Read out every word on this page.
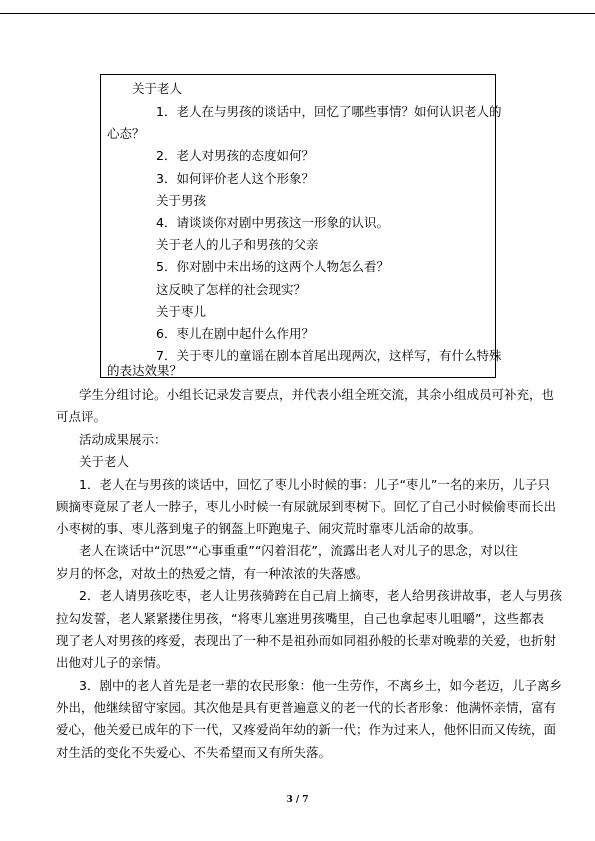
关于老人
1．老人在与男孩的谈话中，回忆了哪些事情？如何认识老人的
心态？
2．老人对男孩的态度如何？
3．如何评价老人这个形象？
关于男孩
4．请谈谈你对剧中男孩这一形象的认识。
关于老人的儿子和男孩的父亲
5．你对剧中未出场的这两个人物怎么看？
这反映了怎样的社会现实？
关于枣儿
6．枣儿在剧中起什么作用？
7．关于枣儿的童谣在剧本首尾出现两次，这样写，有什么特殊
的表达效果？
学生分组讨论。小组长记录发言要点，并代表小组全班交流，其余小组成员可补充，也
可点评。
活动成果展示：
关于老人
1．老人在与男孩的谈话中，回忆了枣儿小时候的事：儿子“枣儿”一名的来历，儿子只
顾摘枣竟尿了老人一脖子，枣儿小时候一有尿就尿到枣树下。回忆了自己小时候偷枣而长出
小枣树的事、枣儿落到鬼子的钢盔上吓跑鬼子、闹灾荒时靠枣儿活命的故事。
老人在谈话中“沉思”“心事重重”“闪着泪花”，流露出老人对儿子的思念，对以往
岁月的怀念，对故土的热爱之情，有一种浓浓的失落感。
2．老人请男孩吃枣，老人让男孩骑跨在自己肩上摘枣，老人给男孩讲故事，老人与男孩
拉勾发誓，老人紧紧搂住男孩，“将枣儿塞进男孩嘴里，自己也拿起枣儿咀嚼”，这些都表
现了老人对男孩的疼爱，表现出了一种不是祖孙而如同祖孙般的长辈对晚辈的关爱，也折射
出他对儿子的亲情。
3．剧中的老人首先是老一辈的农民形象：他一生劳作，不离乡土，如今老迈，儿子离乡
外出，他继续留守家园。其次他是具有更普遍意义的老一代的长者形象：他满怀亲情，富有
爱心，他关爱已成年的下一代，又疼爱尚年幼的新一代；作为过来人，他怀旧而又传统，面
对生活的变化不失爱心、不失希望而又有所失落。
3 / 7
